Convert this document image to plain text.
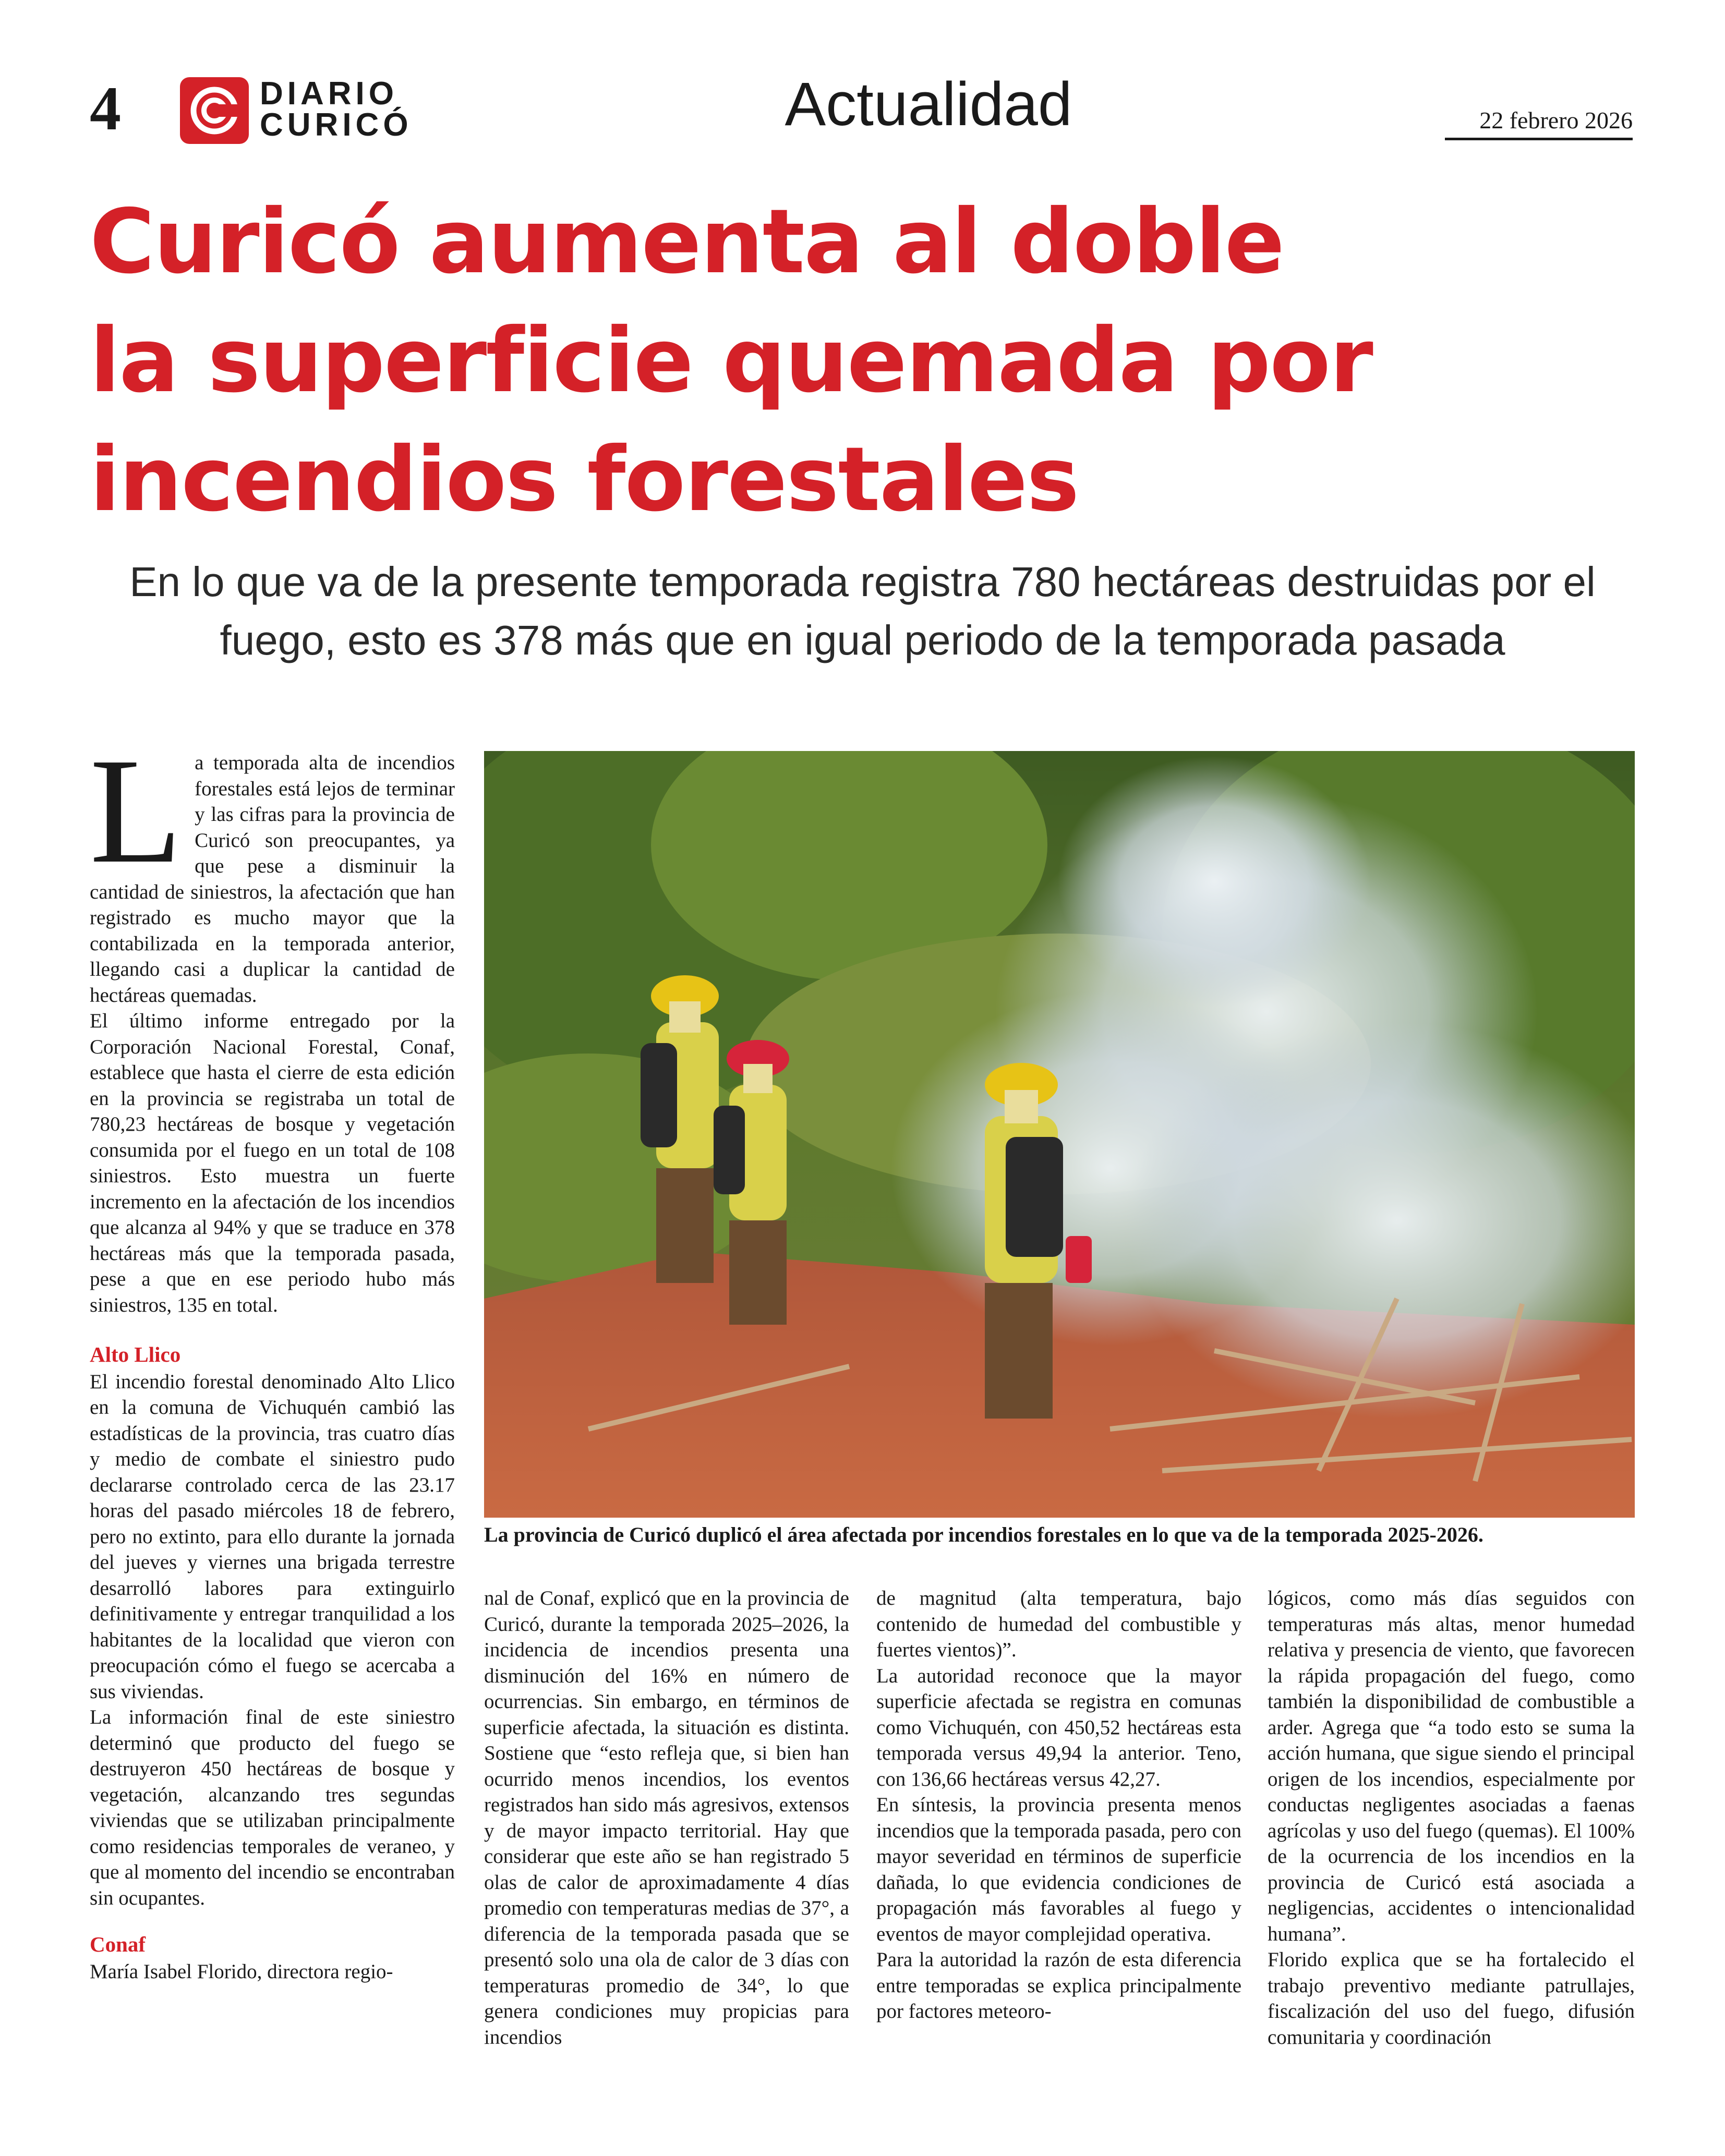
4	DIARIO
CURICÓ	Actualidad	22 febrero 2026
Curicó aumenta al doble
la superficie quemada por
incendios forestales
En lo que va de la presente temporada registra 780 hectáreas destruidas por el fuego, esto es 378 más que en igual periodo de la temporada pasada

L a temporada alta de incendios forestales está lejos de terminar y las cifras para la provincia de Curicó son preocupantes, ya que pese a disminuir la cantidad de siniestros, la afectación que han registrado es mucho mayor que la contabilizada en la temporada anterior, llegando casi a duplicar la cantidad de hectáreas quemadas.

El último informe entregado por la Corporación Nacional Forestal, Conaf, establece que hasta el cierre de esta edición en la provincia se registraba un total de 780,23 hectáreas de bosque y vegetación consumida por el fuego en un total de 108 siniestros. Esto muestra un fuerte incremento en la afectación de los incendios que alcanza al 94% y que se traduce en 378 hectáreas más que la temporada pasada, pese a que en ese periodo hubo más siniestros, 135 en total.

Alto Llico

El incendio forestal denominado Alto Llico en la comuna de Vichuquén cambió las estadísticas de la provincia, tras cuatro días y medio de combate el siniestro pudo declararse controlado cerca de las 23.17 horas del pasado miércoles 18 de febrero, pero no extinto, para ello durante la jornada del jueves y viernes una brigada terrestre desarrolló labores para extinguirlo definitivamente y entregar tranquilidad a los habitantes de la localidad que vieron con preocupación cómo el fuego se acercaba a sus viviendas.

La información final de este siniestro determinó que producto del fuego se destruyeron 450 hectáreas de bosque y vegetación, alcanzando tres segundas viviendas que se utilizaban principalmente como residencias temporales de veraneo, y que al momento del incendio se encontraban sin ocupantes.

Conaf

María Isabel Florido, directora regio-

La provincia de Curicó duplicó el área afectada por incendios forestales en lo que va de la temporada 2025-2026.

nal de Conaf, explicó que en la provincia de Curicó, durante la temporada 2025–2026, la incidencia de incendios presenta una disminución del 16% en número de ocurrencias. Sin embargo, en términos de superficie afectada, la situación es distinta. Sostiene que “esto refleja que, si bien han ocurrido menos incendios, los eventos registrados han sido más agresivos, extensos y de mayor impacto territorial. Hay que considerar que este año se han registrado 5 olas de calor de aproximadamente 4 días promedio con temperaturas medias de 37°, a diferencia de la temporada pasada que se presentó solo una ola de calor de 3 días con temperaturas promedio de 34°, lo que genera condiciones muy propicias para incendios

de magnitud (alta temperatura, bajo contenido de humedad del combustible y fuertes vientos)”.

La autoridad reconoce que la mayor superficie afectada se registra en comunas como Vichuquén, con 450,52 hectáreas esta temporada versus 49,94 la anterior. Teno, con 136,66 hectáreas versus 42,27.

En síntesis, la provincia presenta menos incendios que la temporada pasada, pero con mayor severidad en términos de superficie dañada, lo que evidencia condiciones de propagación más favorables al fuego y eventos de mayor complejidad operativa.

Para la autoridad la razón de esta diferencia entre temporadas se explica principalmente por factores meteoro-

lógicos, como más días seguidos con temperaturas más altas, menor humedad relativa y presencia de viento, que favorecen la rápida propagación del fuego, como también la disponibilidad de combustible a arder. Agrega que “a todo esto se suma la acción humana, que sigue siendo el principal origen de los incendios, especialmente por conductas negligentes asociadas a faenas agrícolas y uso del fuego (quemas). El 100% de la ocurrencia de los incendios en la provincia de Curicó está asociada a negligencias, accidentes o intencionalidad humana”.

Florido explica que se ha fortalecido el trabajo preventivo mediante patrullajes, fiscalización del uso del fuego, difusión comunitaria y coordinación
